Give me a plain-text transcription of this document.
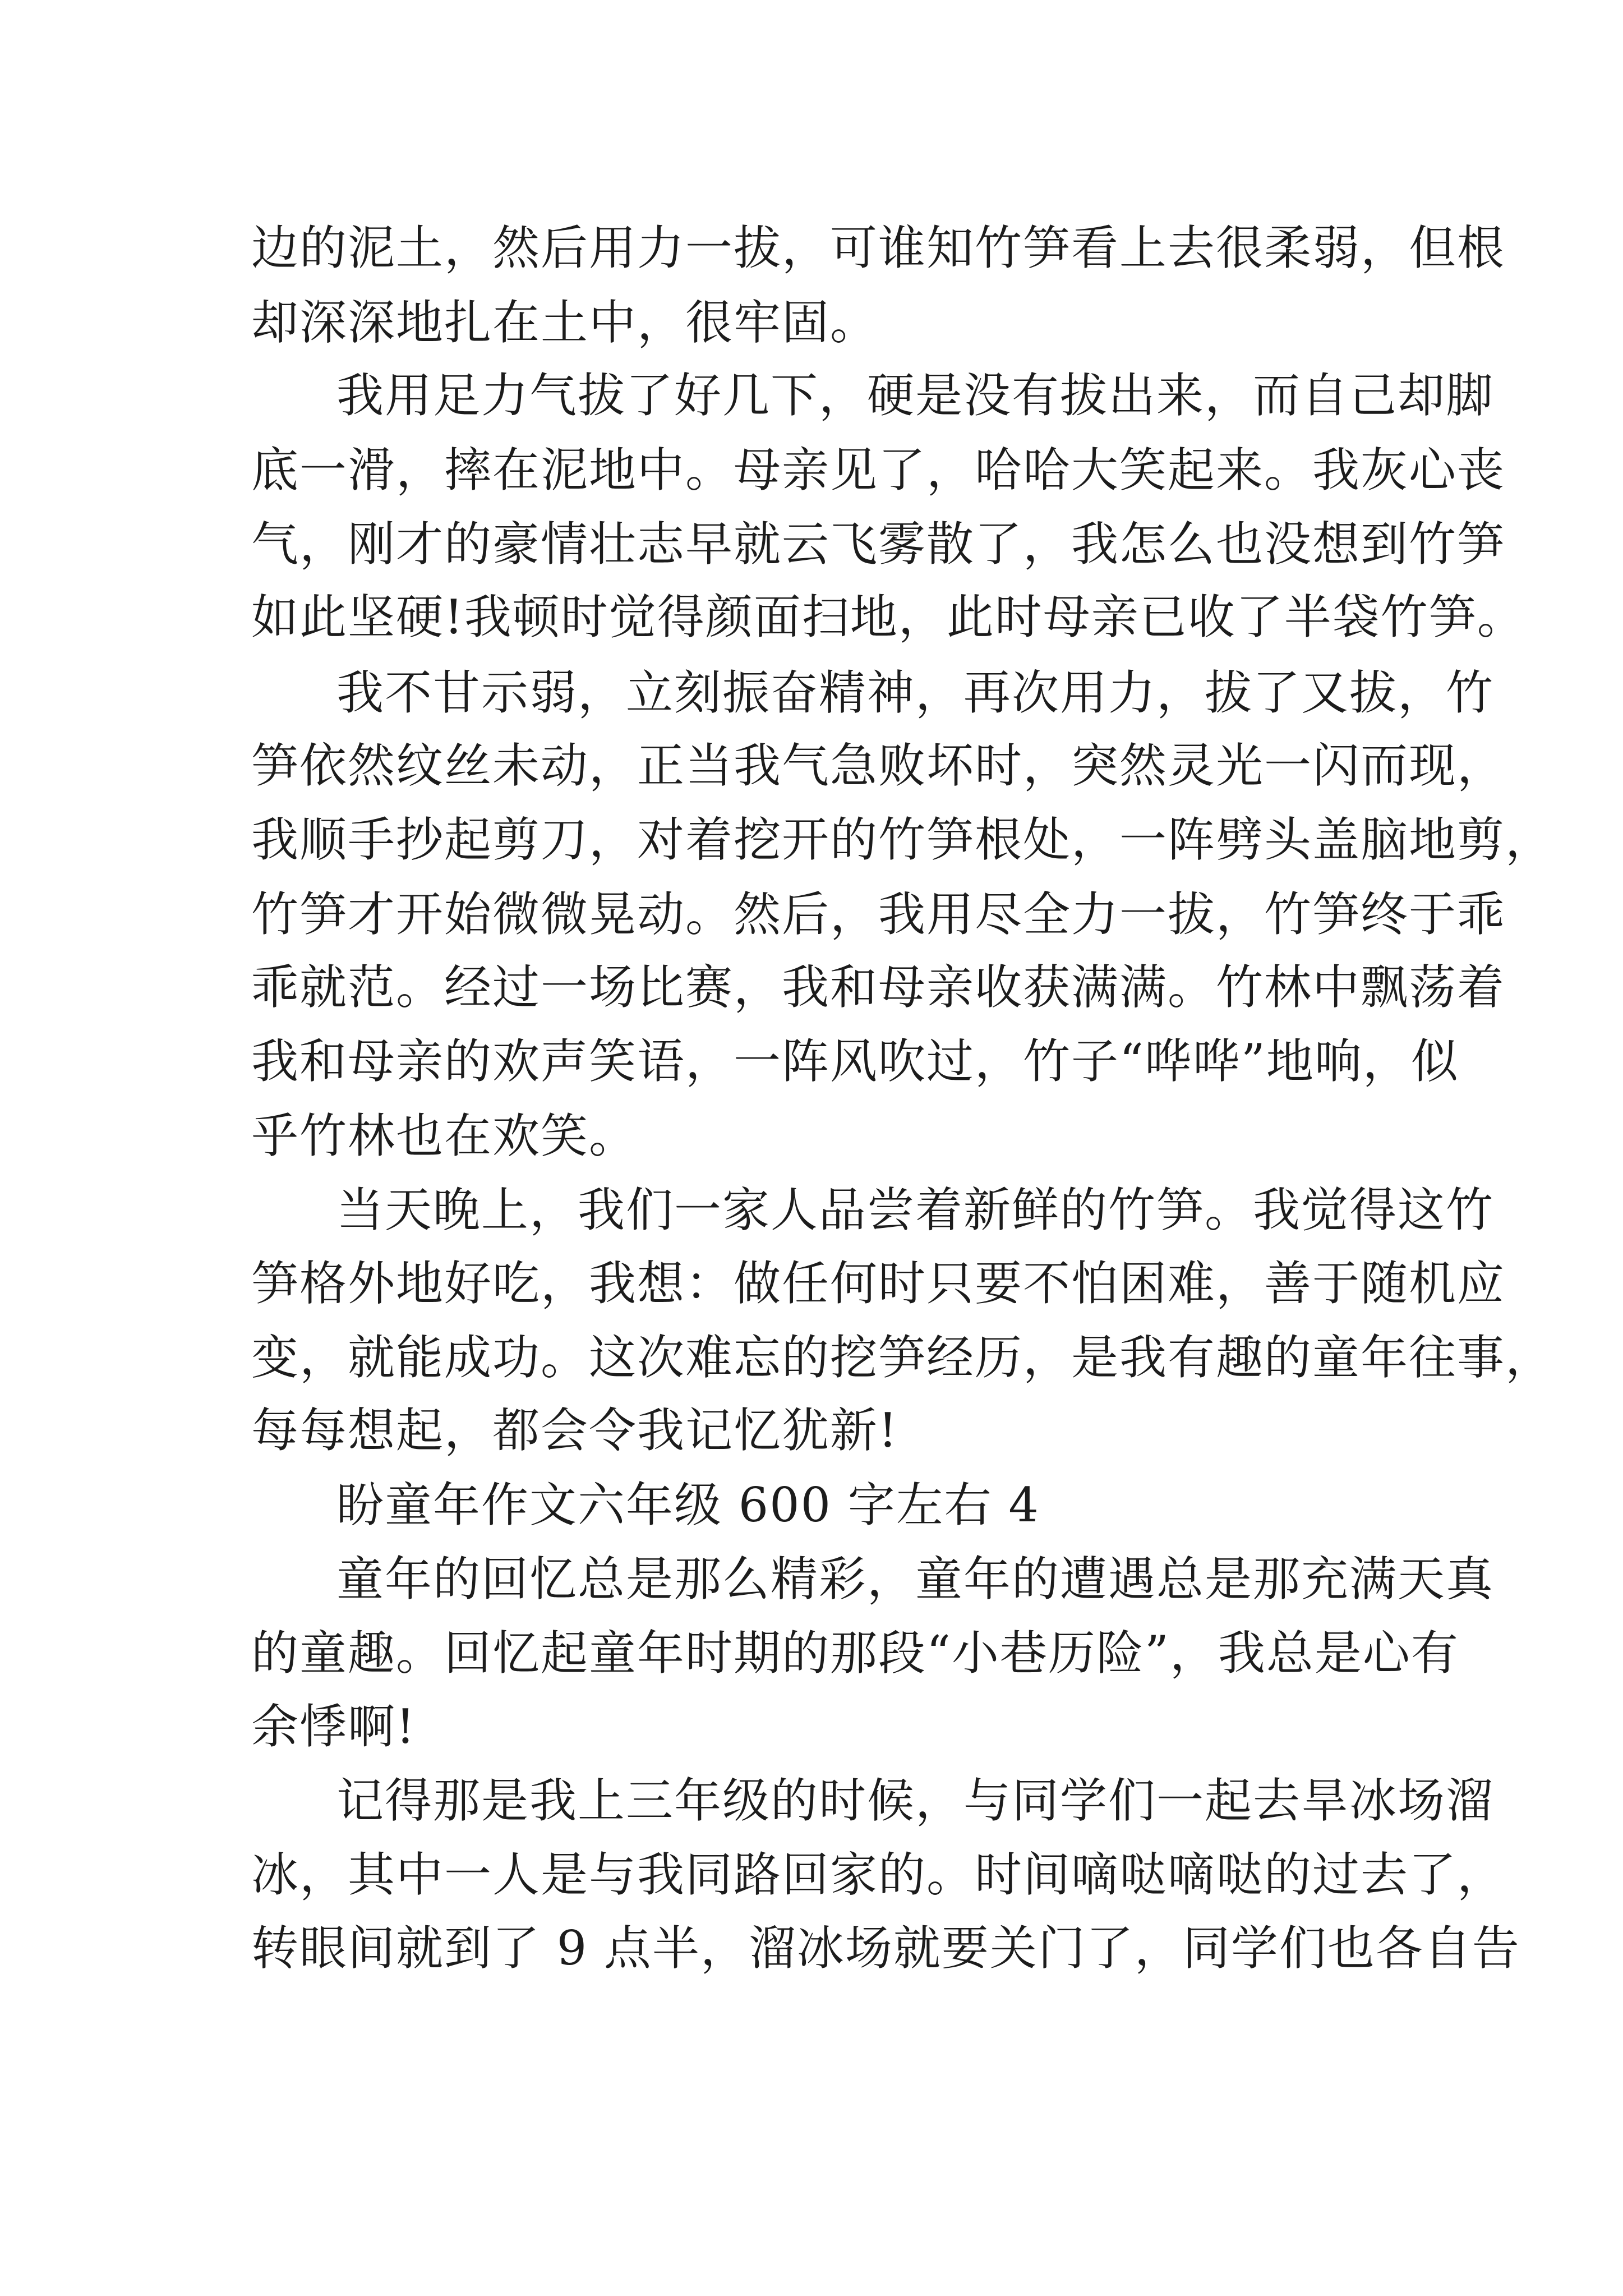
边的泥土，然后用力一拔，可谁知竹笋看上去很柔弱，但根
却深深地扎在土中，很牢固。
我用足力气拔了好几下，硬是没有拔出来，而自己却脚
底一滑，摔在泥地中。母亲见了，哈哈大笑起来。我灰心丧
气，刚才的豪情壮志早就云飞雾散了，我怎么也没想到竹笋
如此坚硬!我顿时觉得颜面扫地，此时母亲已收了半袋竹笋。
我不甘示弱，立刻振奋精神，再次用力，拔了又拔，竹
笋依然纹丝未动，正当我气急败坏时，突然灵光一闪而现，
我顺手抄起剪刀，对着挖开的竹笋根处，一阵劈头盖脑地剪，
竹笋才开始微微晃动。然后，我用尽全力一拔，竹笋终于乖
乖就范。经过一场比赛，我和母亲收获满满。竹林中飘荡着
我和母亲的欢声笑语，一阵风吹过，竹子“哗哗”地响，似
乎竹林也在欢笑。
当天晚上，我们一家人品尝着新鲜的竹笋。我觉得这竹
笋格外地好吃，我想：做任何时只要不怕困难，善于随机应
变，就能成功。这次难忘的挖笋经历，是我有趣的童年往事，
每每想起，都会令我记忆犹新!
盼童年作文六年级 600 字左右 4
童年的回忆总是那么精彩，童年的遭遇总是那充满天真
的童趣。回忆起童年时期的那段“小巷历险”，我总是心有
余悸啊!
记得那是我上三年级的时候，与同学们一起去旱冰场溜
冰，其中一人是与我同路回家的。时间嘀哒嘀哒的过去了，
转眼间就到了 9 点半，溜冰场就要关门了，同学们也各自告
